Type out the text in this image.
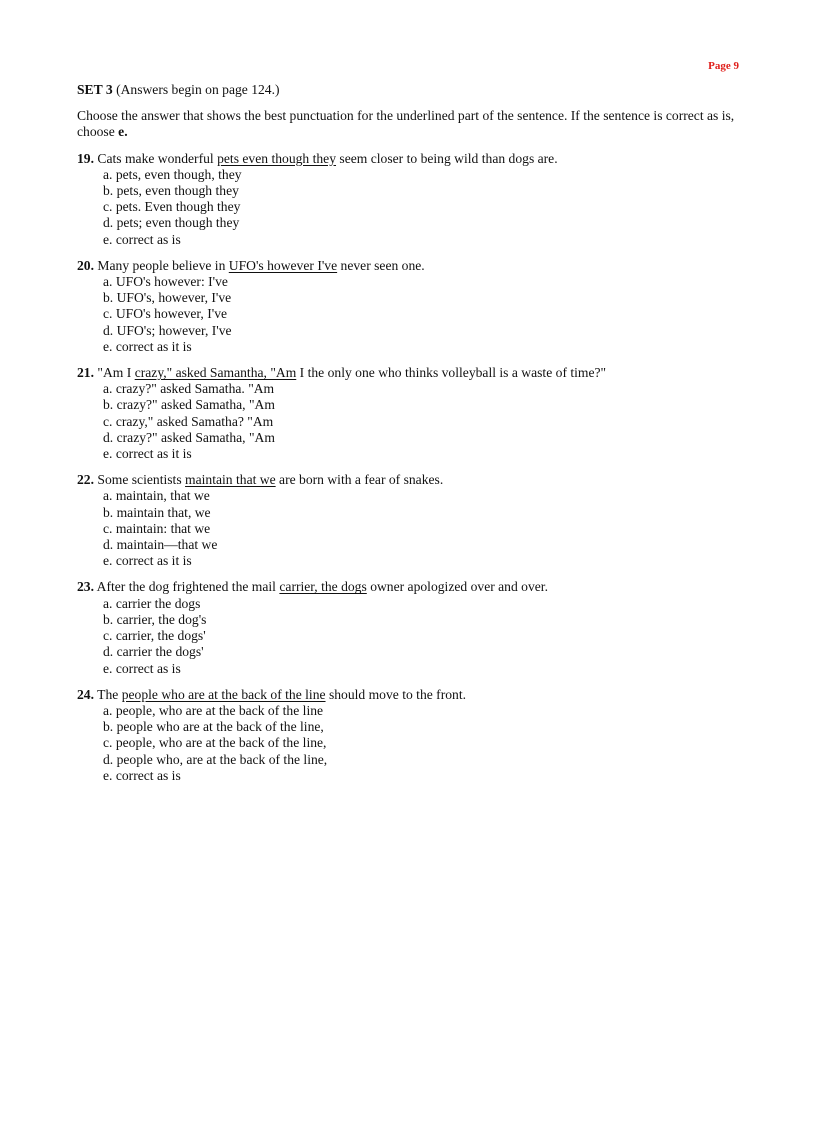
Page 9

SET 3 (Answers begin on page 124.)

Choose the answer that shows the best punctuation for the underlined part of the sentence. If the sentence is correct as is, choose e.

19. Cats make wonderful pets even though they seem closer to being wild than dogs are.
a. pets, even though, they
b. pets, even though they
c. pets. Even though they
d. pets; even though they
e. correct as is
20. Many people believe in UFO's however I've never seen one.
a. UFO's however: I've
b. UFO's, however, I've
c. UFO's however, I've
d. UFO's; however, I've
e. correct as it is
21. "Am I crazy," asked Samantha, "Am I the only one who thinks volleyball is a waste of time?"
a. crazy?" asked Samatha. "Am
b. crazy?" asked Samatha, "Am
c. crazy," asked Samatha? "Am
d. crazy?" asked Samatha, "Am
e. correct as it is
22. Some scientists maintain that we are born with a fear of snakes.
a. maintain, that we
b. maintain that, we
c. maintain: that we
d. maintain—that we
e. correct as it is
23. After the dog frightened the mail carrier, the dogs owner apologized over and over.
a. carrier the dogs
b. carrier, the dog's
c. carrier, the dogs'
d. carrier the dogs'
e. correct as is
24. The people who are at the back of the line should move to the front.
a. people, who are at the back of the line
b. people who are at the back of the line,
c. people, who are at the back of the line,
d. people who, are at the back of the line,
e. correct as is
